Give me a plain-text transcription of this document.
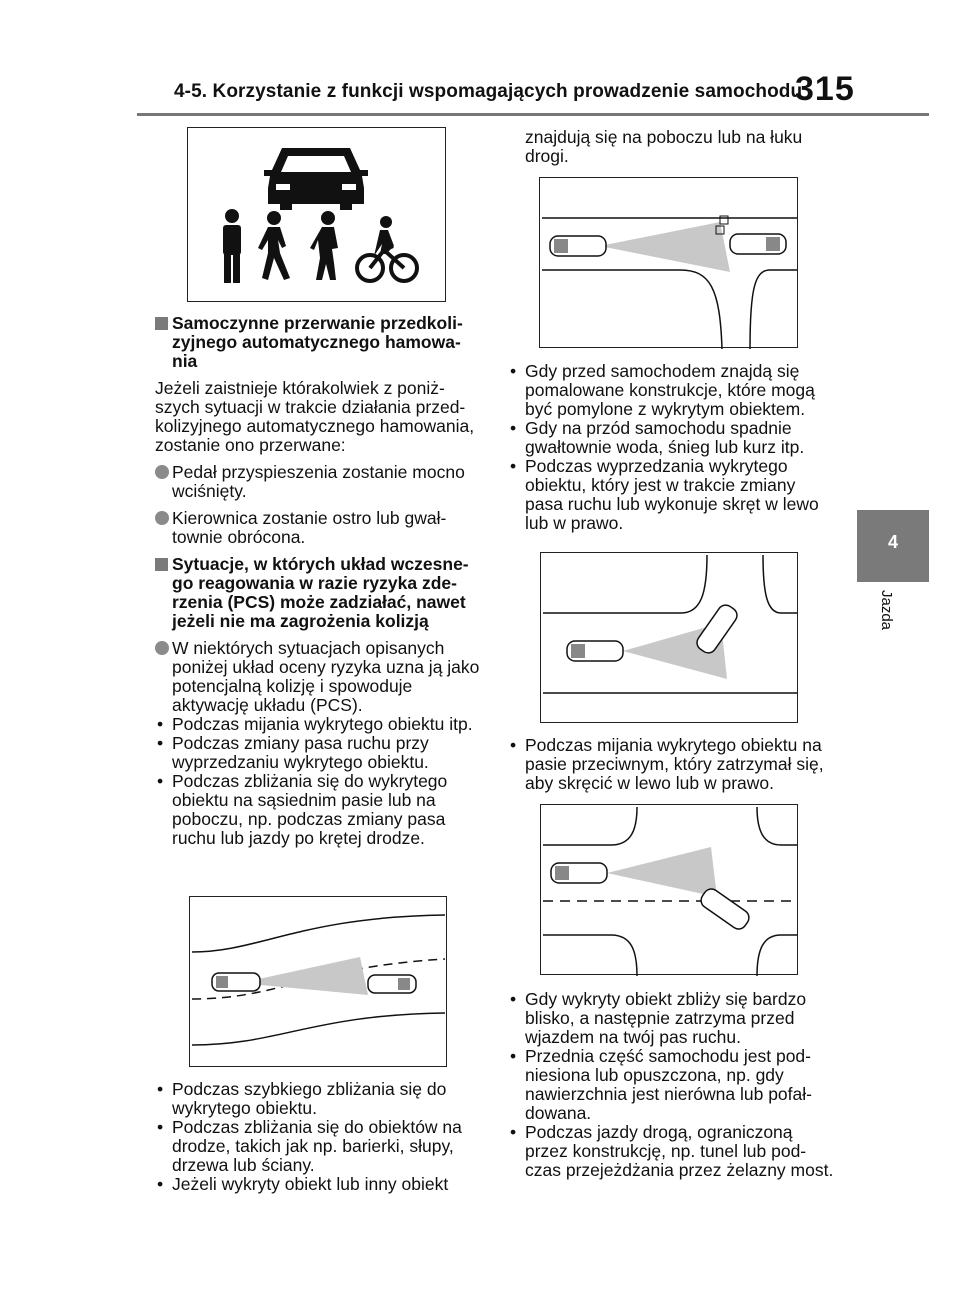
4-5. Korzystanie z funkcji wspomagających prowadzenie samochodu
315
4
Jazda
Samoczynne przerwanie przedkoli-zyjnego automatycznego hamowa-nia
Jeżeli zaistnieje którakolwiek z poniż-szych sytuacji w trakcie działania przed-kolizyjnego automatycznego hamowania, zostanie ono przerwane:
Pedał przyspieszenia zostanie mocno wciśnięty.
Kierownica zostanie ostro lub gwał-townie obrócona.
Sytuacje, w których układ wczesne-go reagowania w razie ryzyka zde-rzenia (PCS) może zadziałać, nawet jeżeli nie ma zagrożenia kolizją
W niektórych sytuacjach opisanych poniżej układ oceny ryzyka uzna ją jako potencjalną kolizję i spowoduje aktywację układu (PCS).
• Podczas mijania wykrytego obiektu itp.
• Podczas zmiany pasa ruchu przy wyprzedzaniu wykrytego obiektu.
• Podczas zbliżania się do wykrytego obiektu na sąsiednim pasie lub na poboczu, np. podczas zmiany pasa ruchu lub jazdy po krętej drodze.
• Podczas szybkiego zbliżania się do wykrytego obiektu.
• Podczas zbliżania się do obiektów na drodze, takich jak np. barierki, słupy, drzewa lub ściany.
• Jeżeli wykryty obiekt lub inny obiekt
znajdują się na poboczu lub na łuku drogi.
• Gdy przed samochodem znajdą się pomalowane konstrukcje, które mogą być pomylone z wykrytym obiektem.
• Gdy na przód samochodu spadnie gwałtownie woda, śnieg lub kurz itp.
• Podczas wyprzedzania wykrytego obiektu, który jest w trakcie zmiany pasa ruchu lub wykonuje skręt w lewo lub w prawo.
• Podczas mijania wykrytego obiektu na pasie przeciwnym, który zatrzymał się, aby skręcić w lewo lub w prawo.
• Gdy wykryty obiekt zbliży się bardzo blisko, a następnie zatrzyma przed wjazdem na twój pas ruchu.
• Przednia część samochodu jest pod-niesiona lub opuszczona, np. gdy nawierzchnia jest nierówna lub pofał-dowana.
• Podczas jazdy drogą, ograniczoną przez konstrukcję, np. tunel lub pod-czas przejeżdżania przez żelazny most.
